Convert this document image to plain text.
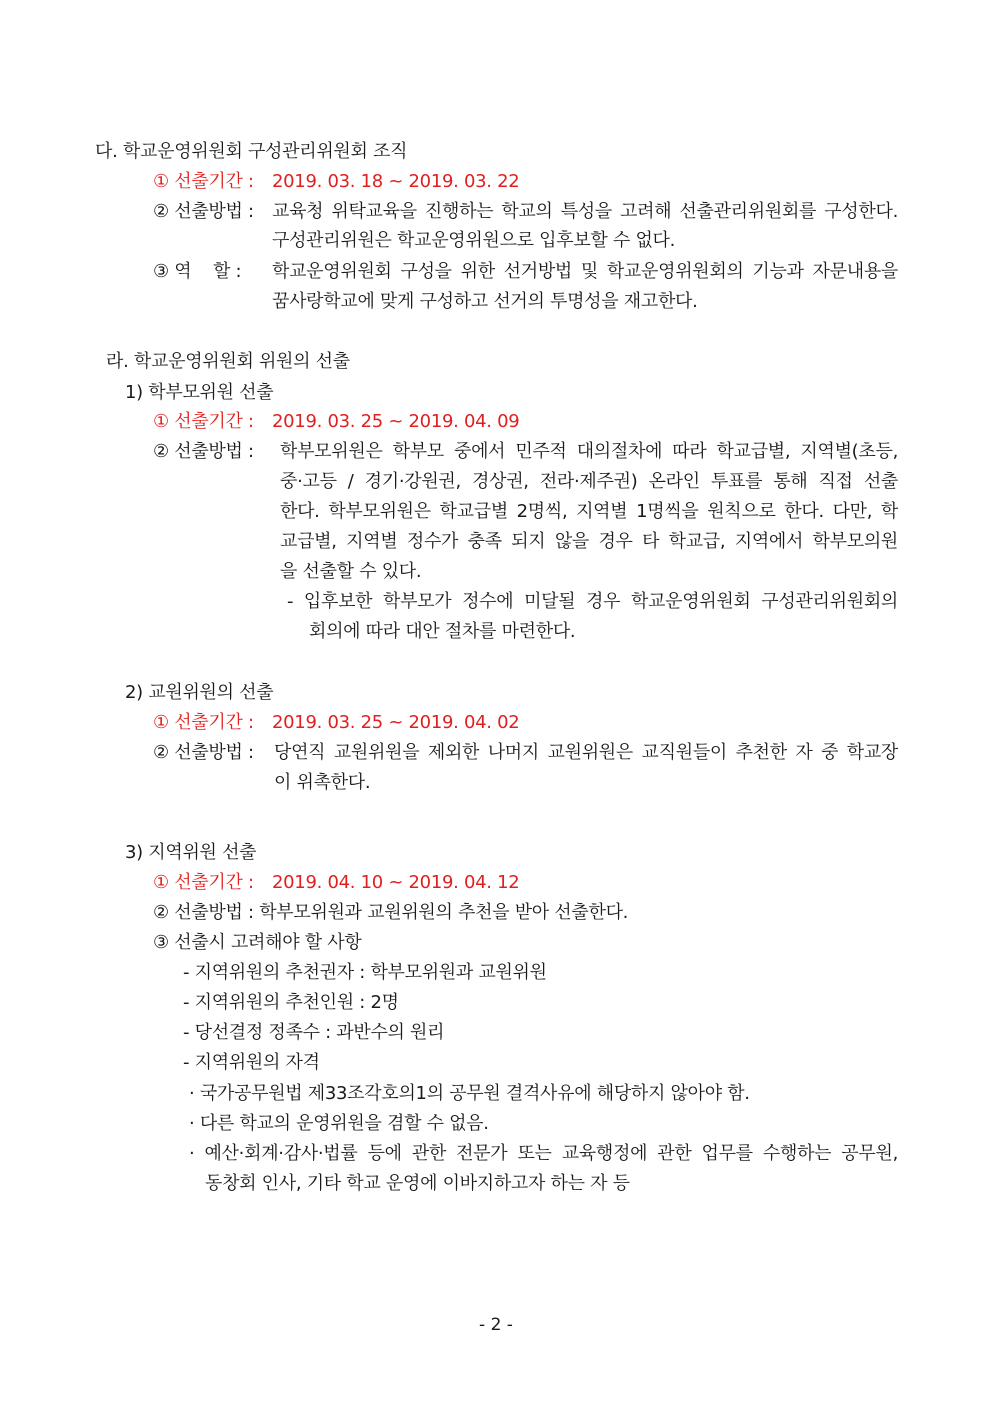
다. 학교운영위원회 구성관리위원회 조직
① 선출기간 : 2019. 03. 18 ~ 2019. 03. 22
② 선출방법 : 교육청 위탁교육을 진행하는 학교의 특성을 고려해 선출관리위원회를 구성한다.
구성관리위원은 학교운영위원으로 입후보할 수 없다.
③ 역    할 : 학교운영위원회 구성을 위한 선거방법 및 학교운영위원회의 기능과 자문내용을
꿈사랑학교에 맞게 구성하고 선거의 투명성을 재고한다.
라. 학교운영위원회 위원의 선출
1) 학부모위원 선출
① 선출기간 : 2019. 03. 25 ~ 2019. 04. 09
② 선출방법 : 학부모위원은 학부모 중에서 민주적 대의절차에 따라 학교급별, 지역별(초등,
중·고등 / 경기·강원권, 경상권, 전라·제주권) 온라인 투표를 통해 직접 선출
한다. 학부모위원은 학교급별 2명씩, 지역별 1명씩을 원칙으로 한다. 다만, 학
교급별, 지역별 정수가 충족 되지 않을 경우 타 학교급, 지역에서 학부모의원
을 선출할 수 있다.
- 입후보한 학부모가 정수에 미달될 경우 학교운영위원회 구성관리위원회의
회의에 따라 대안 절차를 마련한다.
2) 교원위원의 선출
① 선출기간 : 2019. 03. 25 ~ 2019. 04. 02
② 선출방법 : 당연직 교원위원을 제외한 나머지 교원위원은 교직원들이 추천한 자 중 학교장
이 위촉한다.
3) 지역위원 선출
① 선출기간 : 2019. 04. 10 ~ 2019. 04. 12
② 선출방법 : 학부모위원과 교원위원의 추천을 받아 선출한다.
③ 선출시 고려해야 할 사항
- 지역위원의 추천권자 : 학부모위원과 교원위원
- 지역위원의 추천인원 : 2명
- 당선결정 정족수 : 과반수의 원리
- 지역위원의 자격
· 국가공무원법 제33조각호의1의 공무원 결격사유에 해당하지 않아야 함.
· 다른 학교의 운영위원을 겸할 수 없음.
· 예산·회계·감사·법률 등에 관한 전문가 또는 교육행정에 관한 업무를 수행하는 공무원,
동창회 인사, 기타 학교 운영에 이바지하고자 하는 자 등
- 2 -
